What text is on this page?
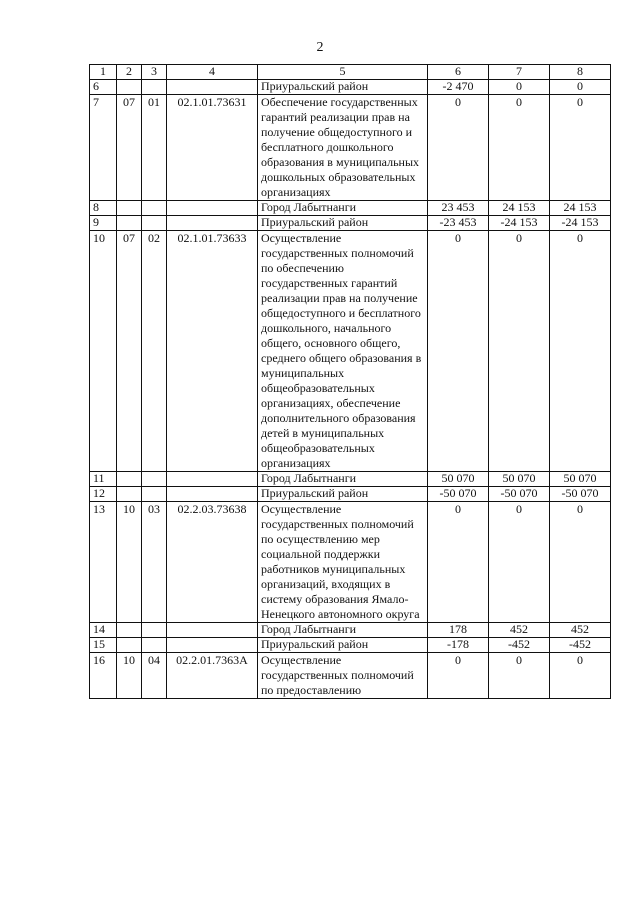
2
1	2	3	4	5	6	7	8
6				Приуральский район	-2 470	0	0
7	07	01	02.1.01.73631	Обеспечение государственных гарантий реализации прав на получение общедоступного и бесплатного дошкольного образования в муниципальных дошкольных образовательных организациях	0	0	0
8				Город Лабытнанги	23 453	24 153	24 153
9				Приуральский район	-23 453	-24 153	-24 153
10	07	02	02.1.01.73633	Осуществление государственных полномочий по обеспечению государственных гарантий реализации прав на получение общедоступного и бесплатного дошкольного, начального общего, основного общего, среднего общего образования в муниципальных общеобразовательных организациях, обеспечение дополнительного образования детей в муниципальных общеобразовательных организациях	0	0	0
11				Город Лабытнанги	50 070	50 070	50 070
12				Приуральский район	-50 070	-50 070	-50 070
13	10	03	02.2.03.73638	Осуществление государственных полномочий по осуществлению мер социальной поддержки работников муниципальных организаций, входящих в систему образования Ямало-Ненецкого автономного округа	0	0	0
14				Город Лабытнанги	178	452	452
15				Приуральский район	-178	-452	-452
16	10	04	02.2.01.7363А	Осуществление государственных полномочий по предоставлению	0	0	0
